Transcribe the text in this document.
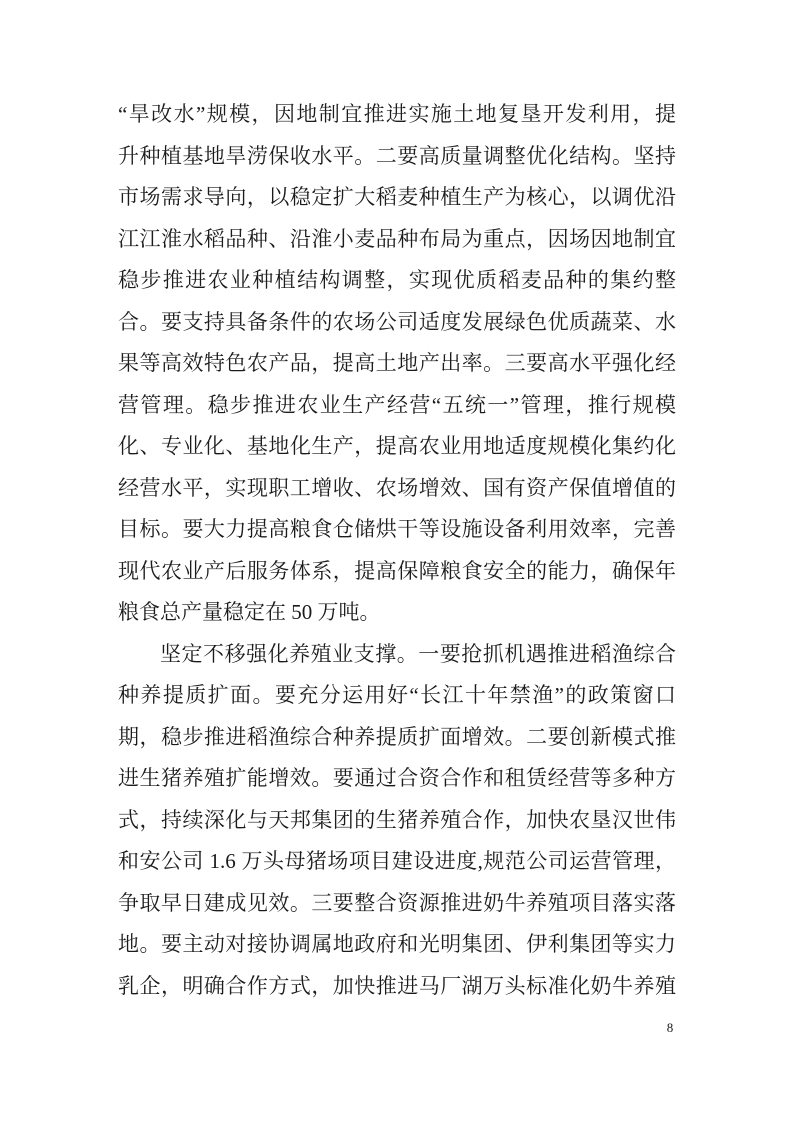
“旱改水”规模，因地制宜推进实施土地复垦开发利用，提
升种植基地旱涝保收水平。二要高质量调整优化结构。坚持
市场需求导向，以稳定扩大稻麦种植生产为核心，以调优沿
江江淮水稻品种、沿淮小麦品种布局为重点，因场因地制宜
稳步推进农业种植结构调整，实现优质稻麦品种的集约整
合。要支持具备条件的农场公司适度发展绿色优质蔬菜、水
果等高效特色农产品，提高土地产出率。三要高水平强化经
营管理。稳步推进农业生产经营“五统一”管理，推行规模
化、专业化、基地化生产，提高农业用地适度规模化集约化
经营水平，实现职工增收、农场增效、国有资产保值增值的
目标。要大力提高粮食仓储烘干等设施设备利用效率，完善
现代农业产后服务体系，提高保障粮食安全的能力，确保年
粮食总产量稳定在 50 万吨。
坚定不移强化养殖业支撑。一要抢抓机遇推进稻渔综合
种养提质扩面。要充分运用好“长江十年禁渔”的政策窗口
期，稳步推进稻渔综合种养提质扩面增效。二要创新模式推
进生猪养殖扩能增效。要通过合资合作和租赁经营等多种方
式，持续深化与天邦集团的生猪养殖合作，加快农垦汉世伟
和安公司 1.6 万头母猪场项目建设进度,规范公司运营管理，
争取早日建成见效。三要整合资源推进奶牛养殖项目落实落
地。要主动对接协调属地政府和光明集团、伊利集团等实力
乳企，明确合作方式，加快推进马厂湖万头标准化奶牛养殖
8
